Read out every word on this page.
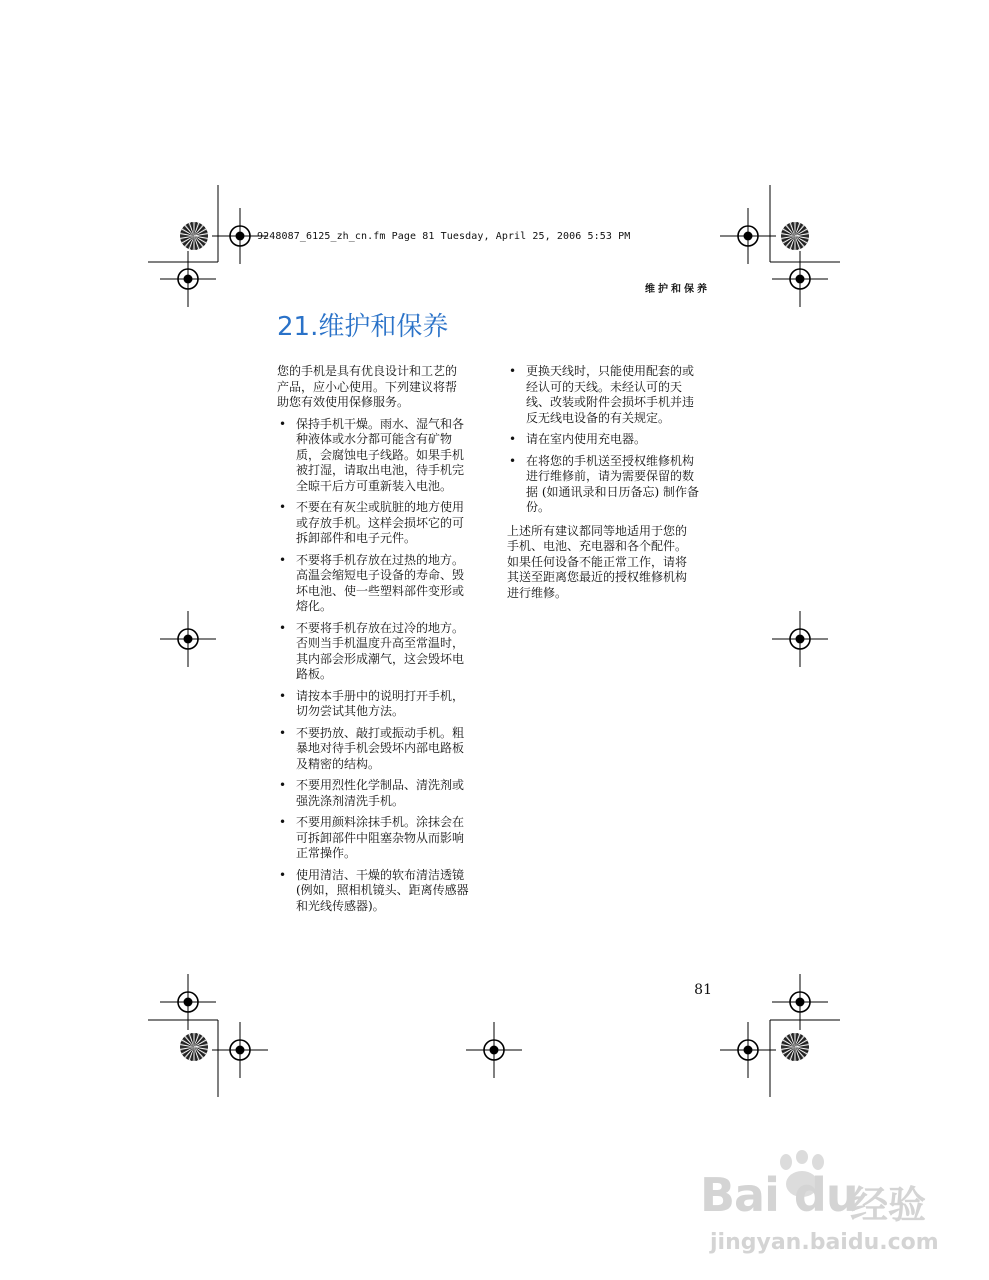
9248087_6125_zh_cn.fm Page 81 Tuesday, April 25, 2006 5:53 PM
维护和保养
21.维护和保养

您的手机是具有优良设计和工艺的
产品，应小心使用。下列建议将帮
助您有效使用保修服务。

• 保持手机干燥。雨水、湿气和各
种液体或水分都可能含有矿物
质，会腐蚀电子线路。如果手机
被打湿，请取出电池，待手机完
全晾干后方可重新装入电池。
• 不要在有灰尘或肮脏的地方使用
或存放手机。这样会损坏它的可
拆卸部件和电子元件。
• 不要将手机存放在过热的地方。
高温会缩短电子设备的寿命、毁
坏电池、使一些塑料部件变形或
熔化。
• 不要将手机存放在过冷的地方。
否则当手机温度升高至常温时，
其内部会形成潮气，这会毁坏电
路板。
• 请按本手册中的说明打开手机，
切勿尝试其他方法。
• 不要扔放、敲打或振动手机。粗
暴地对待手机会毁坏内部电路板
及精密的结构。
• 不要用烈性化学制品、清洗剂或
强洗涤剂清洗手机。
• 不要用颜料涂抹手机。涂抹会在
可拆卸部件中阻塞杂物从而影响
正常操作。
• 使用清洁、干燥的软布清洁透镜
(例如，照相机镜头、距离传感器
和光线传感器)。
• 更换天线时，只能使用配套的或
经认可的天线。未经认可的天
线、改装或附件会损坏手机并违
反无线电设备的有关规定。
• 请在室内使用充电器。
• 在将您的手机送至授权维修机构
进行维修前，请为需要保留的数
据 (如通讯录和日历备忘) 制作备
份。

上述所有建议都同等地适用于您的
手机、电池、充电器和各个配件。
如果任何设备不能正常工作，请将
其送至距离您最近的授权维修机构
进行维修。

81
Bai du
经验
jingyan.baidu.com
